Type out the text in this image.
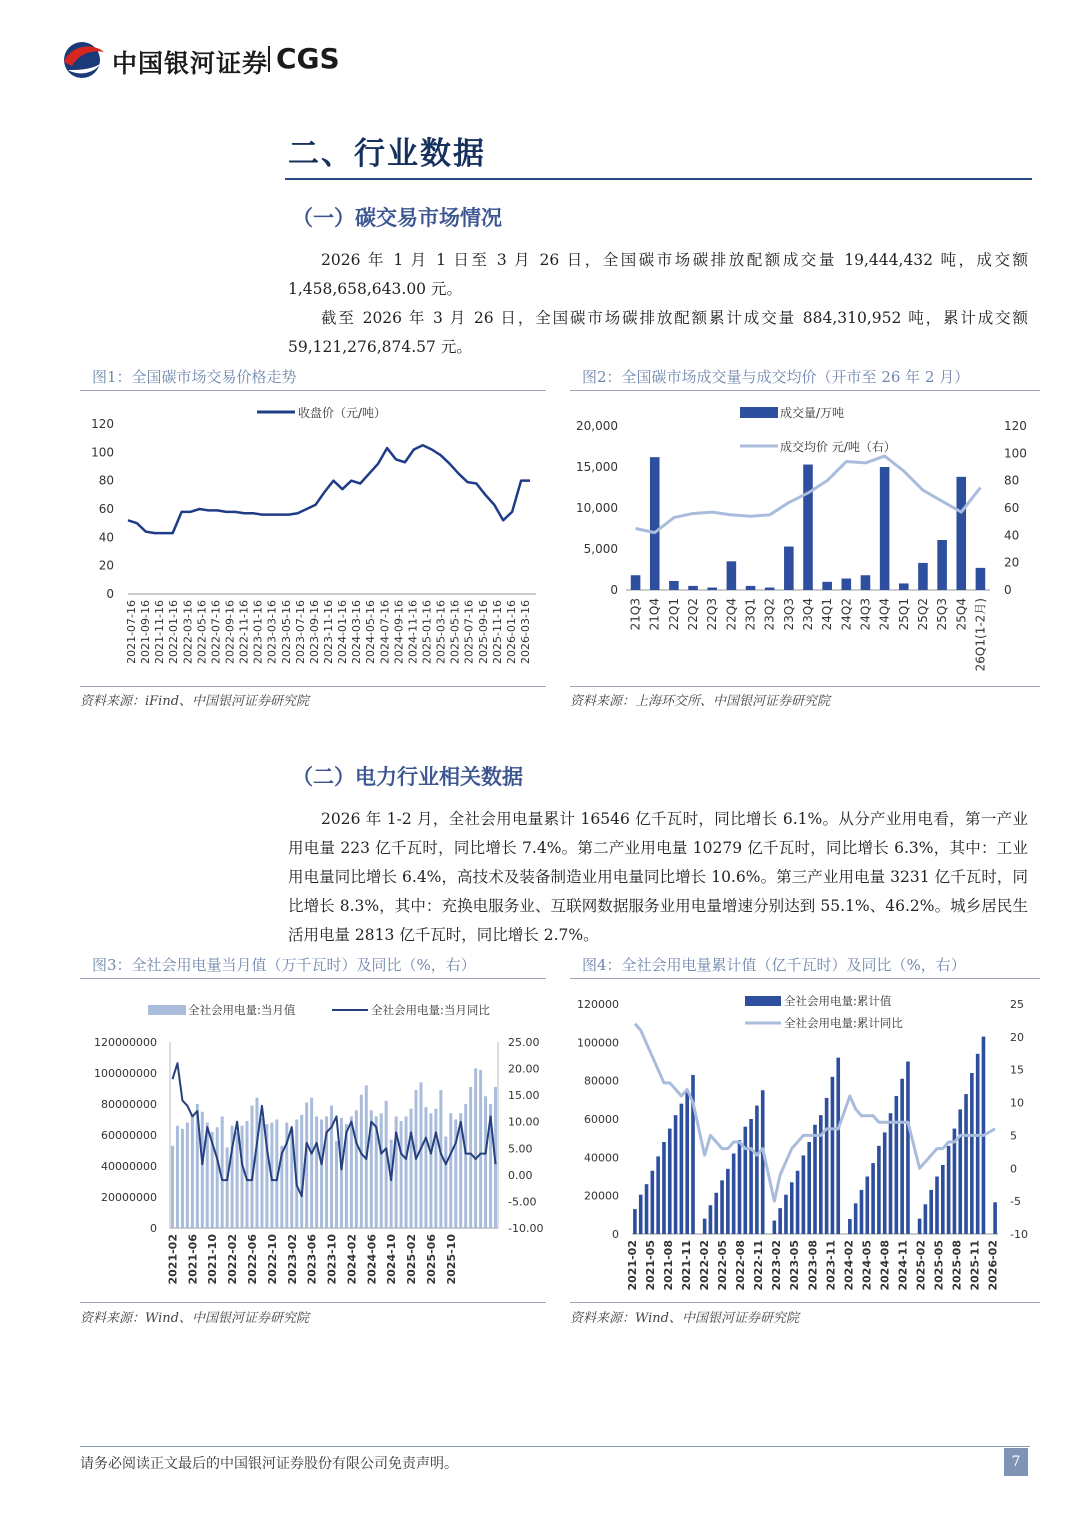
中国银河证券 CGS
二、行业数据
（一）碳交易市场情况
2026 年 1 月 1 日至 3 月 26 日，全国碳市场碳排放配额成交量 19,444,432 吨，成交额 1,458,658,643.00 元。
截至 2026 年 3 月 26 日，全国碳市场碳排放配额累计成交量 884,310,952 吨，累计成交额 59,121,276,874.57 元。
图1：全国碳市场交易价格走势
收盘价（元/吨）
0
20
40
60
80
100
120
2021-07-16 2021-09-16 2021-11-16 2022-01-16 2022-03-16 2022-05-16 2022-07-16 2022-09-16 2022-11-16 2023-01-16 2023-03-16 2023-05-16 2023-07-16 2023-09-16 2023-11-16 2024-01-16 2024-03-16 2024-05-16 2024-07-16 2024-09-16 2024-11-16 2025-01-16 2025-03-16 2025-05-16 2025-07-16 2025-09-16 2025-11-16 2026-01-16 2026-03-16
资料来源：iFind、中国银河证券研究院
图2：全国碳市场成交量与成交均价（开市至 26 年 2 月）
成交量/万吨
成交均价 元/吨（右）
0
5,000
10,000
15,000
20,000
0
20
40
60
80
100
120
21Q3 21Q4 22Q1 22Q2 22Q3 22Q4 23Q1 23Q2 23Q3 23Q4 24Q1 24Q2 24Q3 24Q4 25Q1 25Q2 25Q3 25Q4 26Q1(1-2月)
资料来源：上海环交所、中国银河证券研究院
（二）电力行业相关数据
2026 年 1-2 月，全社会用电量累计 16546 亿千瓦时，同比增长 6.1%。从分产业用电看，第一产业用电量 223 亿千瓦时，同比增长 7.4%。第二产业用电量 10279 亿千瓦时，同比增长 6.3%，其中：工业用电量同比增长 6.4%，高技术及装备制造业用电量同比增长 10.6%。第三产业用电量 3231 亿千瓦时，同比增长 8.3%，其中：充换电服务业、互联网数据服务业用电量增速分别达到 55.1%、46.2%。城乡居民生活用电量 2813 亿千瓦时，同比增长 2.7%。
图3：全社会用电量当月值（万千瓦时）及同比（%，右）
全社会用电量:当月值	全社会用电量:当月同比
0
20000000
40000000
60000000
80000000
100000000
120000000
-10.00
-5.00
0.00
5.00
10.00
15.00
20.00
25.00
2021-02 2021-06 2021-10 2022-02 2022-06 2022-10 2023-02 2023-06 2023-10 2024-02 2024-06 2024-10 2025-02 2025-06 2025-10
资料来源：Wind、中国银河证券研究院
图4：全社会用电量累计值（亿千瓦时）及同比（%，右）
全社会用电量:累计值
全社会用电量:累计同比
0
20000
40000
60000
80000
100000
120000
-10
-5
0
5
10
15
20
25
2021-02 2021-05 2021-08 2021-11 2022-02 2022-05 2022-08 2022-11 2023-02 2023-05 2023-08 2023-11 2024-02 2024-05 2024-08 2024-11 2025-02 2025-05 2025-08 2025-11 2026-02
资料来源：Wind、中国银河证券研究院
请务必阅读正文最后的中国银河证券股份有限公司免责声明。	7
